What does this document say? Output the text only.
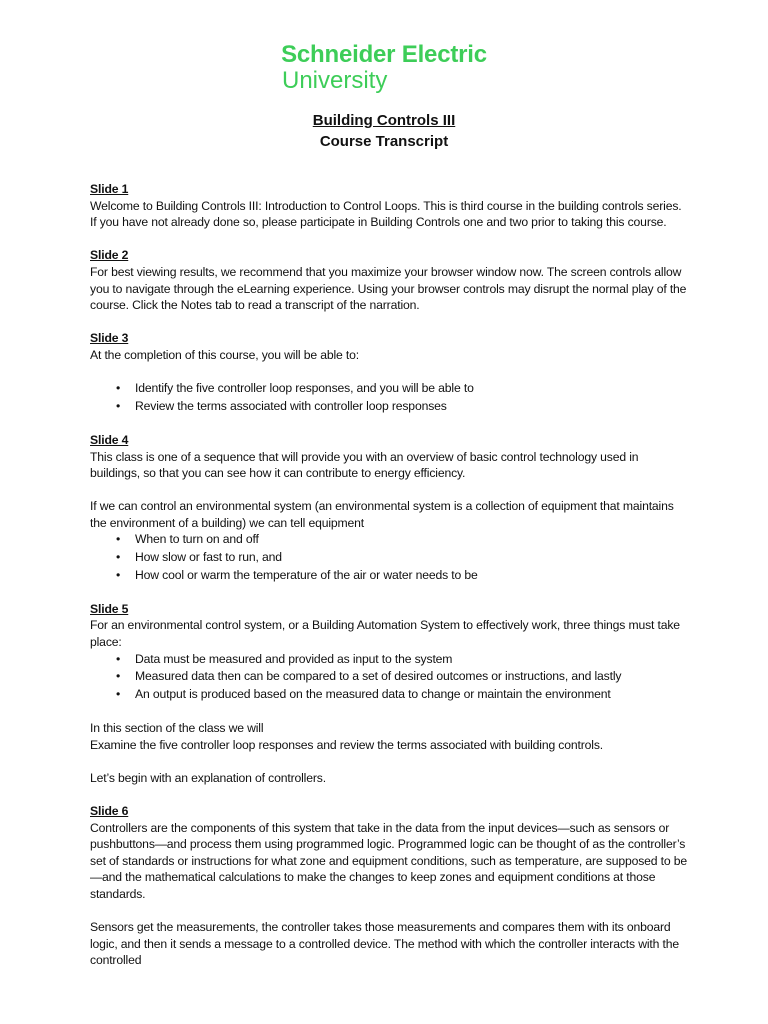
Schneider Electric
University
Building Controls III
Course Transcript

Slide 1

Welcome to Building Controls III: Introduction to Control Loops. This is third course in the building controls series. If you have not already done so, please participate in Building Controls one and two prior to taking this course.

Slide 2

For best viewing results, we recommend that you maximize your browser window now. The screen controls allow you to navigate through the eLearning experience. Using your browser controls may disrupt the normal play of the course. Click the Notes tab to read a transcript of the narration.

Slide 3

At the completion of this course, you will be able to:

• Identify the five controller loop responses, and you will be able to
• Review the terms associated with controller loop responses

Slide 4

This class is one of a sequence that will provide you with an overview of basic control technology used in buildings, so that you can see how it can contribute to energy efficiency.

If we can control an environmental system (an environmental system is a collection of equipment that maintains the environment of a building) we can tell equipment

• When to turn on and off
• How slow or fast to run, and
• How cool or warm the temperature of the air or water needs to be

Slide 5

For an environmental control system, or a Building Automation System to effectively work, three things must take place:

• Data must be measured and provided as input to the system
• Measured data then can be compared to a set of desired outcomes or instructions, and lastly
• An output is produced based on the measured data to change or maintain the environment

In this section of the class we will

Examine the five controller loop responses and review the terms associated with building controls.

Let’s begin with an explanation of controllers.

Slide 6

Controllers are the components of this system that take in the data from the input devices—such as sensors or pushbuttons—and process them using programmed logic. Programmed logic can be thought of as the controller’s set of standards or instructions for what zone and equipment conditions, such as temperature, are supposed to be—and the mathematical calculations to make the changes to keep zones and equipment conditions at those standards.

Sensors get the measurements, the controller takes those measurements and compares them with its onboard logic, and then it sends a message to a controlled device. The method with which the controller interacts with the controlled
